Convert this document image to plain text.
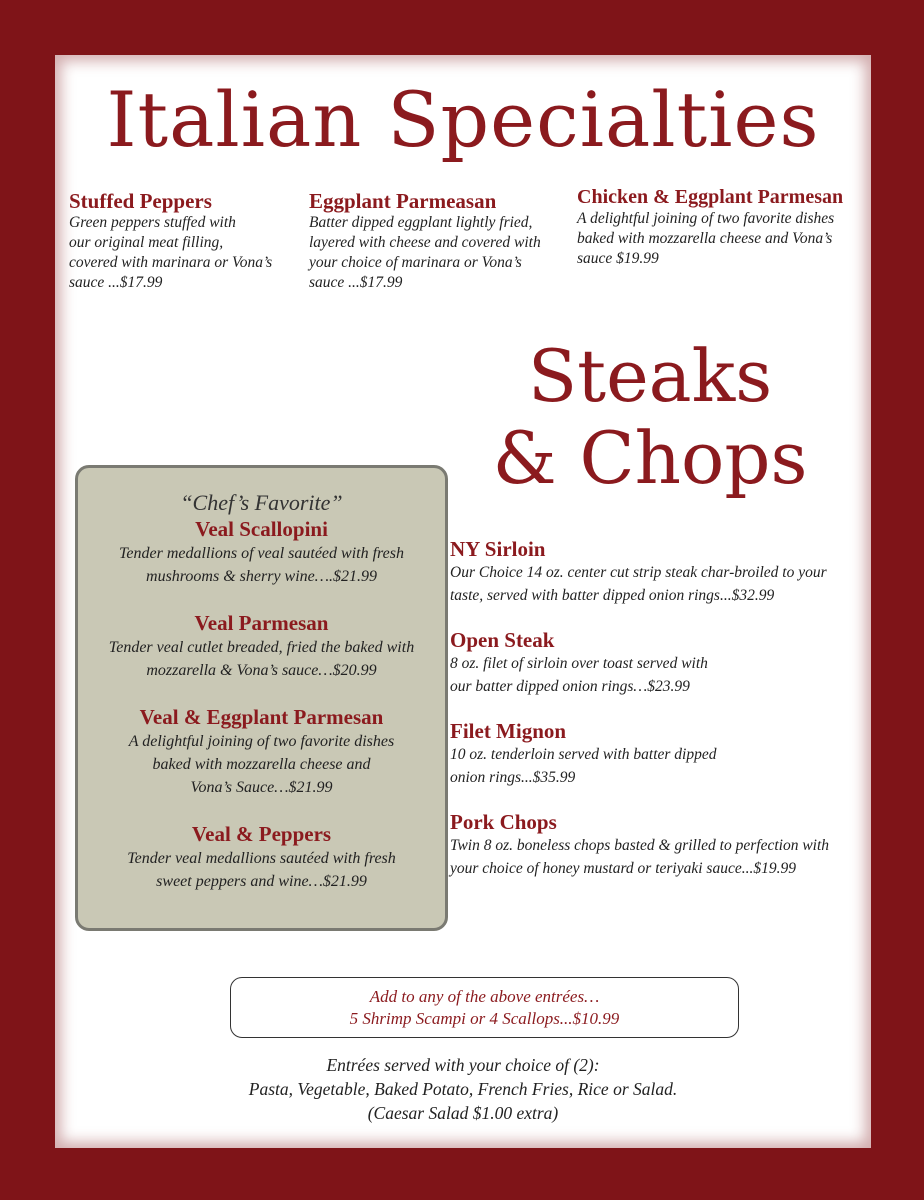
Italian Specialties
Stuffed Peppers
Green peppers stuffed with
our original meat filling,
covered with marinara or Vona’s
sauce ...$17.99
Eggplant Parmeasan
Batter dipped eggplant lightly fried,
layered with cheese and covered with
your choice of marinara or Vona’s
sauce ...$17.99
Chicken & Eggplant Parmesan
A delightful joining of two favorite dishes
baked with mozzarella cheese and Vona’s
sauce $19.99
Steaks
& Chops
“Chef’s Favorite”
Veal Scallopini
Tender medallions of veal sautéed with fresh
mushrooms & sherry wine….$21.99
Veal Parmesan
Tender veal cutlet breaded, fried the baked with
mozzarella & Vona’s sauce…$20.99
Veal & Eggplant Parmesan
A delightful joining of two favorite dishes
baked with mozzarella cheese and
Vona’s Sauce…$21.99
Veal & Peppers
Tender veal medallions sautéed with fresh
sweet peppers and wine…$21.99
NY Sirloin
Our Choice 14 oz. center cut strip steak char-broiled to your
taste, served with batter dipped onion rings...$32.99
Open Steak
8 oz. filet of sirloin over toast served with
our batter dipped onion rings…$23.99
Filet Mignon
10 oz. tenderloin served with batter dipped
onion rings...$35.99
Pork Chops
Twin 8 oz. boneless chops basted & grilled to perfection with
your choice of honey mustard or teriyaki sauce...$19.99
Add to any of the above entrées…
5 Shrimp Scampi or 4 Scallops...$10.99
Entrées served with your choice of (2):
Pasta, Vegetable, Baked Potato, French Fries, Rice or Salad.
(Caesar Salad $1.00 extra)
